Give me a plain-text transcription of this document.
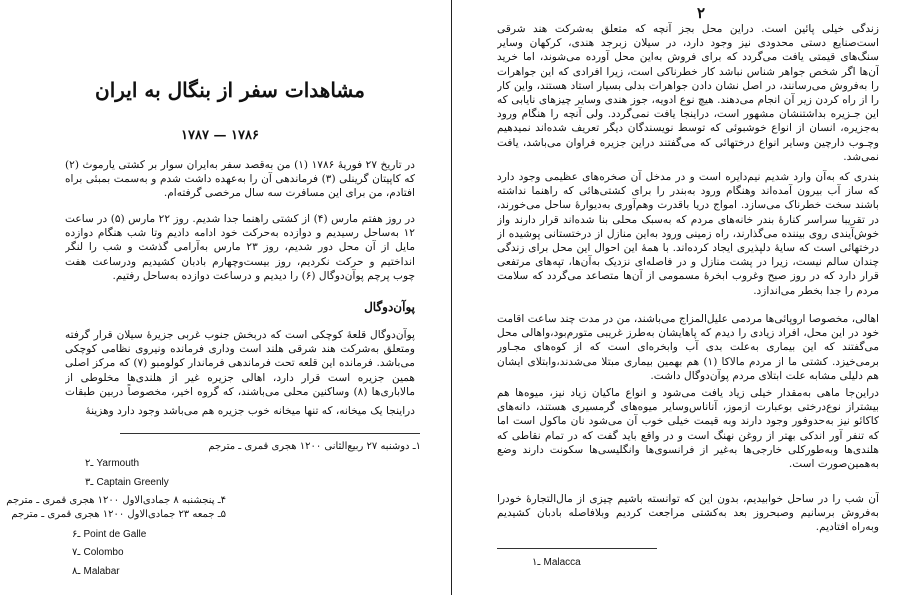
مشاهدات سفر از بنگال به ایران
۱۷۸۷ — ۱۷۸۶
در تاریخ ۲۷ فوریهٔ ۱۷۸۶ (۱) من به‌قصد سفر به‌ایران سوار بر کشتی یارموث (۲) که کاپیتان گرینلی (۳) فرماندهی آن را به‌عهده داشت شدم و به‌سمت بمبئی براه افتادم، من برای این مسافرت سه سال مرخصی گرفته‌ام.
در روز هفتم مارس (۴) از کشتی راهنما جدا شدیم. روز ۲۲ مارس (۵) در ساعت ۱۲ به‌ساحل رسیدیم و دوازده به‌حرکت خود ادامه دادیم وتا شب هنگام دوازده مایل از آن محل دور شدیم، روز ۲۳ مارس به‌آرامی گذشت و شب را لنگر انداختیم و حرکت نکردیم، روز بیست‌وچهارم بادبان کشیدیم ودرساعت هفت چوب پرچم پوآن‌دوگال (۶) را دیدیم و درساعت دوازده به‌ساحل رفتیم.
پوآن‌دوگال
پوآن‌دوگال قلعهٔ کوچکی است که دربخش جنوب غربی جزیرهٔ سیلان قرار گرفته ومتعلق به‌شرکت هند شرقی هلند است وداری فرمانده ونیروی نظامی کوچکی می‌باشد. فرمانده این قلعه تحت فرماندهی فرماندار کولومبو (۷) که مرکز اصلی همین جزیره است قرار دارد، اهالی جزیره غیر از هلندی‌ها مخلوطی از مالاباری‌ها (۸) وساکنین محلی می‌باشند، که گروه اخیر، مخصوصاً دربین طبقات
دراینجا یک میخانه، که تنها میخانه خوب جزیره هم می‌باشد وجود دارد وهزینهٔ
۱ـ دوشنبه ۲۷ ربیع‌الثانی ۱۲۰۰ هجری قمری ـ مترجم
۲ـ Yarmouth
۳ـ Captain Greenly
۴ـ پنجشنبه ۸ جمادی‌الاول ۱۲۰۰ هجری قمری ـ مترجم
۵ـ جمعه ۲۳ جمادی‌الاول ۱۲۰۰ هجری قمری ـ مترجم
۶ـ Point de Galle
۷ـ Colombo
۸ـ Malabar
۲
زندگی خیلی پائین است. دراین محل بجز آنچه که متعلق به‌شرکت هند شرقی است‌صنایع دستی محدودی نیز وجود دارد، در سیلان زبرجد هندی، کرکهان وسایر سنگ‌های قیمتی یافت می‌گردد که برای فروش به‌این محل آورده می‌شوند، اما خرید آن‌ها اگر شخص جواهر شناس نباشد کار خطرناکی است، زیرا افرادی که این جواهرات را به‌فروش می‌رسانند، در اصل نشان دادن جواهرات بدلی بسیار استاد هستند، واین کار را از راه کردن زیر آن انجام می‌دهند. هیچ نوع ادویه، جوز هندی وسایر چیزهای نایابی که این جـزیره بداشتنشان مشهور است، دراینجا یافت نمی‌گردد. ولی آنچه را هنگام ورود به‌جزیره، انسان از انواع خوشبوئی که توسط نویسندگان دیگر تعریف شده‌اند نمیدهیم وچـوب دارچین وسایر انواع درختهائی که می‌گفتند دراین جزیره فراوان می‌باشد، یافت نمی‌شد.
بندری که به‌آن وارد شدیم نیم‌دایره است و در مدخل آن صخره‌های عظیمی وجود دارد که ساز آب بیرون آمده‌اند وهنگام ورود به‌بندر را برای کشتی‌هائی که راهنما نداشته باشند سخت خطرناک می‌سازد. امواج دریا باقدرت وهم‌آوری به‌دیوارهٔ ساحل می‌خورند، در تقریبا سراسر کنارهٔ بندر خانه‌های مردم که به‌سبک محلی بنا شده‌اند قرار دارند واز خوش‌آیندی روی بیننده می‌گذارند، راه زمینی ورود به‌این منازل از درختستانی پوشیده از درختهائی است که سایهٔ دلپذیری ایجاد کرده‌اند. با همهٔ این احوال این محل برای زندگی چندان سالم نیست، زیرا در پشت منازل و در فاصله‌ای نزدیک به‌آن‌ها، تپه‌های مرتفعی قرار دارد که در روز صبح وغروب ابخرهٔ مسمومی از آن‌ها متصاعد می‌گردد که سلامت مردم را جدا بخطر می‌اندازد.
اهالی، مخصوصا اروپائی‌ها مردمی علیل‌المزاج می‌باشند، من در مدت چند ساعت اقامت خود در این محل، افراد زیادی را دیدم که پاهایشان به‌طرز غریبی متورم‌بود،واهالی محل می‌گفتند که این بیماری به‌علت بدی آب وابخره‌ای است که از کوه‌های مجـاور برمی‌خیزد. کشتی ما از مردم مالاکا (۱) هم بهمین بیماری مبتلا می‌شدند،وابتلای ایشان هم دلیلی مشابه علت ابتلای مردم پوآن‌دوگال داشت.
دراین‌جا ماهی به‌مقدار خیلی زیاد یافت می‌شود و انواع ماکیان زیاد نیز، میوه‌ها هم بیشتراز نوع‌درختی بوعبارت ازموز، آناناس‌وسایر میوه‌های گرمسیری هستند، دانه‌های کاکائو نیز به‌حدوفور وجود دارند وبه قیمت خیلی خوب آن می‌شود نان ماکول است اما که تنفر آور اندکی بهتر از روغن نهنگ است و در واقع باید گفت که در تمام نقاطی که هلندی‌ها وبه‌طورکلی خارجی‌ها به‌غیر از فرانسوی‌ها وانگلیسی‌ها سکونت دارند وضع به‌همین‌صورت است.
آن شب را در ساحل خوابیدیم، بدون این که توانسته باشیم چیزی از مال‌التجارهٔ خودرا به‌فروش برسانیم وصبحروز بعد به‌کشتی مراجعت کردیم وبلافاصله بادبان کشیدیم وبه‌راه افتادیم.
۱ـ Malacca
